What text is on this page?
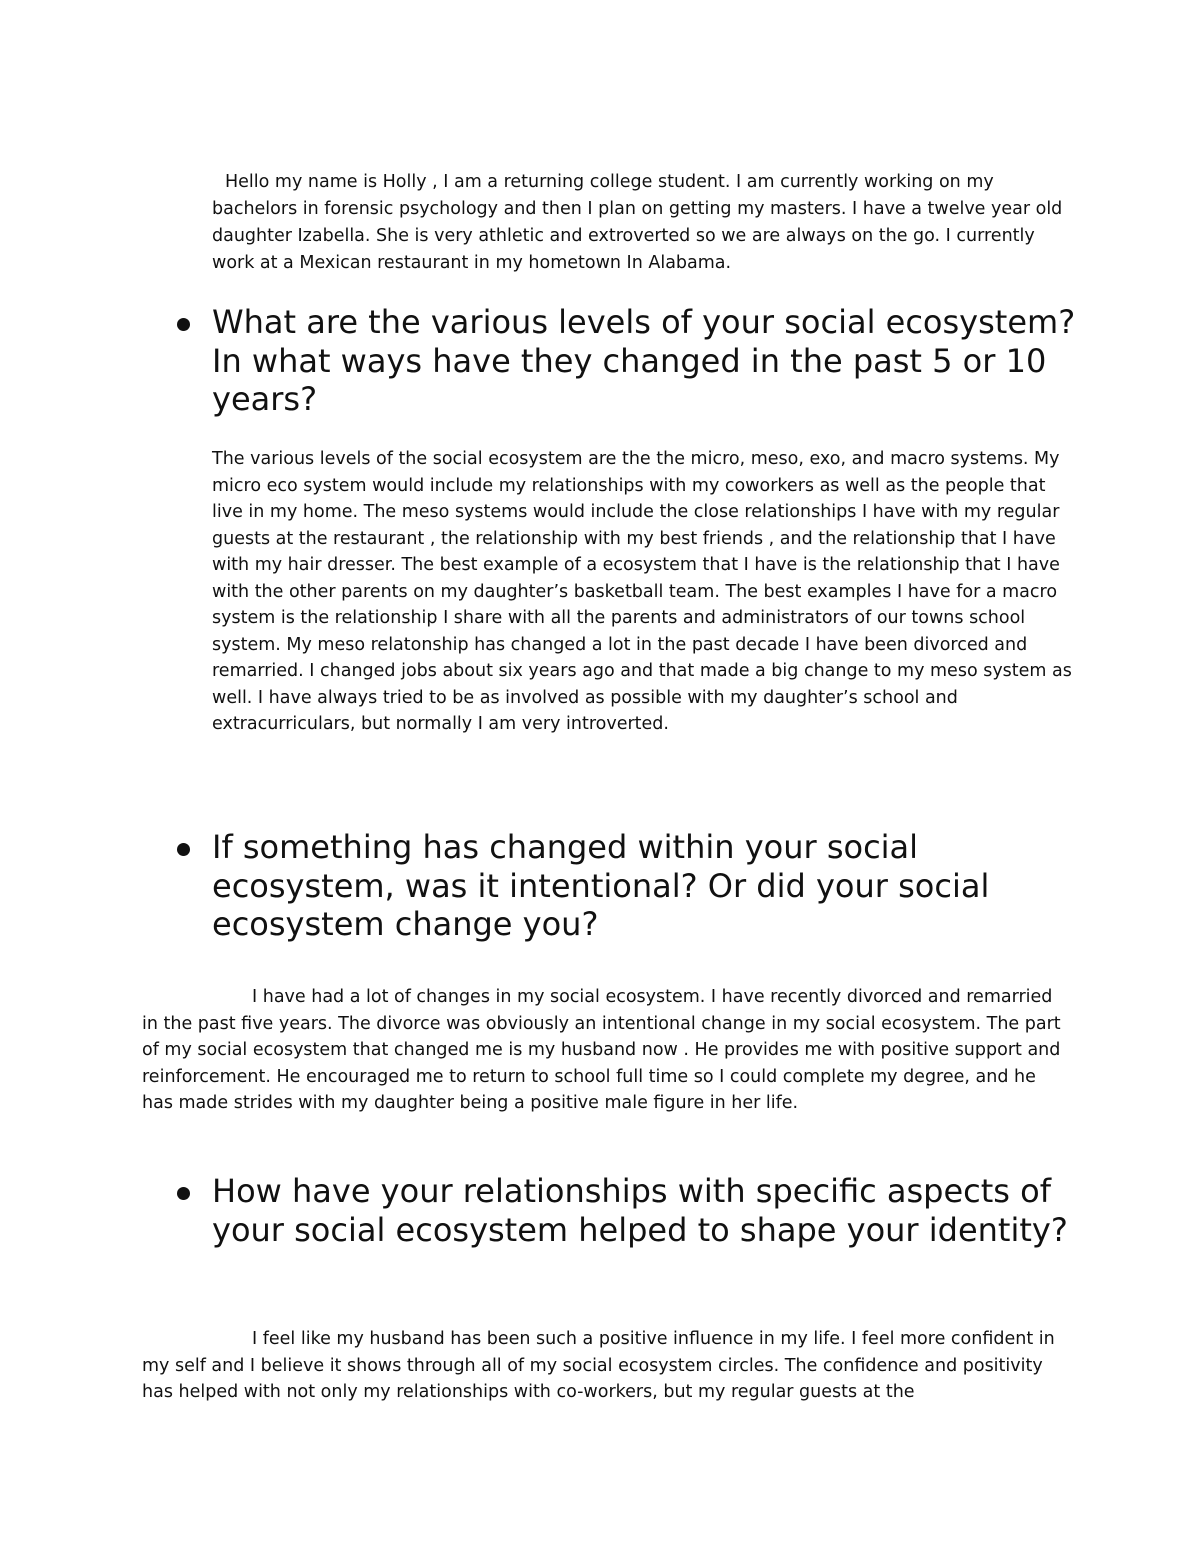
Hello my name is Holly , I am a returning college student. I am currently working on my bachelors in forensic psychology and then I plan on getting my masters. I have a twelve year old daughter Izabella. She is very athletic and extroverted so we are always on the go. I currently work at a Mexican restaurant in my hometown In Alabama.

What are the various levels of your social ecosystem? In what ways have they changed in the past 5 or 10 years?

The various levels of the social ecosystem are the the micro, meso, exo, and macro systems. My micro eco system would include my relationships with my coworkers as well as the people that live in my home. The meso systems would include the close relationships I have with my regular guests at the restaurant , the relationship with my best friends , and the relationship that I have with my hair dresser. The best example of a ecosystem that I have is the relationship that I have with the other parents on my daughter’s basketball team. The best examples I have for a macro system is the relationship I share with all the parents and administrators of our towns school system. My meso relatonship has changed a lot in the past decade I have been divorced and remarried. I changed jobs about six years ago and that made a big change to my meso system as well. I have always tried to be as involved as possible with my daughter’s school and extracurriculars, but normally I am very introverted.

If something has changed within your social ecosystem, was it intentional? Or did your social ecosystem change you?

I have had a lot of changes in my social ecosystem. I have recently divorced and remarried in the past five years. The divorce was obviously an intentional change in my social ecosystem. The part of my social ecosystem that changed me is my husband now . He provides me with positive support and reinforcement. He encouraged me to return to school full time so I could complete my degree, and he has made strides with my daughter being a positive male figure in her life.

How have your relationships with specific aspects of your social ecosystem helped to shape your identity?

I feel like my husband has been such a positive influence in my life. I feel more confident in my self and I believe it shows through all of my social ecosystem circles. The confidence and positivity has helped with not only my relationships with co-workers, but my regular guests at the
